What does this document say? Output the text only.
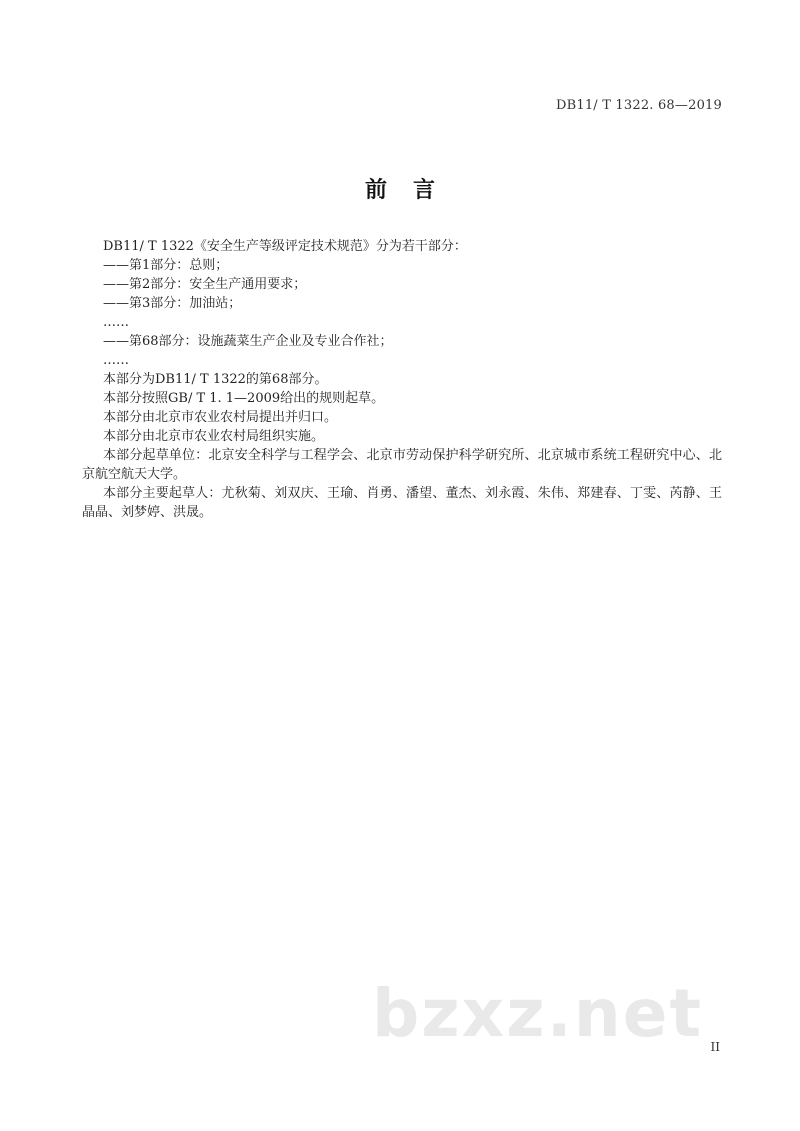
DB11/ T 1322. 68—2019
前言

DB11/ T 1322《安全生产等级评定技术规范》分为若干部分：

——第1部分：总则；

——第2部分：安全生产通用要求；

——第3部分：加油站；

……

——第68部分：设施蔬菜生产企业及专业合作社；

……

本部分为DB11/ T 1322的第68部分。

本部分按照GB/ T 1. 1—2009给出的规则起草。

本部分由北京市农业农村局提出并归口。

本部分由北京市农业农村局组织实施。

本部分起草单位：北京安全科学与工程学会、北京市劳动保护科学研究所、北京城市系统工程研究中心、北京航空航天大学。

本部分主要起草人：尤秋菊、刘双庆、王瑜、肖勇、潘望、董杰、刘永霞、朱伟、郑建春、丁雯、芮静、王晶晶、刘梦婷、洪晟。

bzxz.net II
